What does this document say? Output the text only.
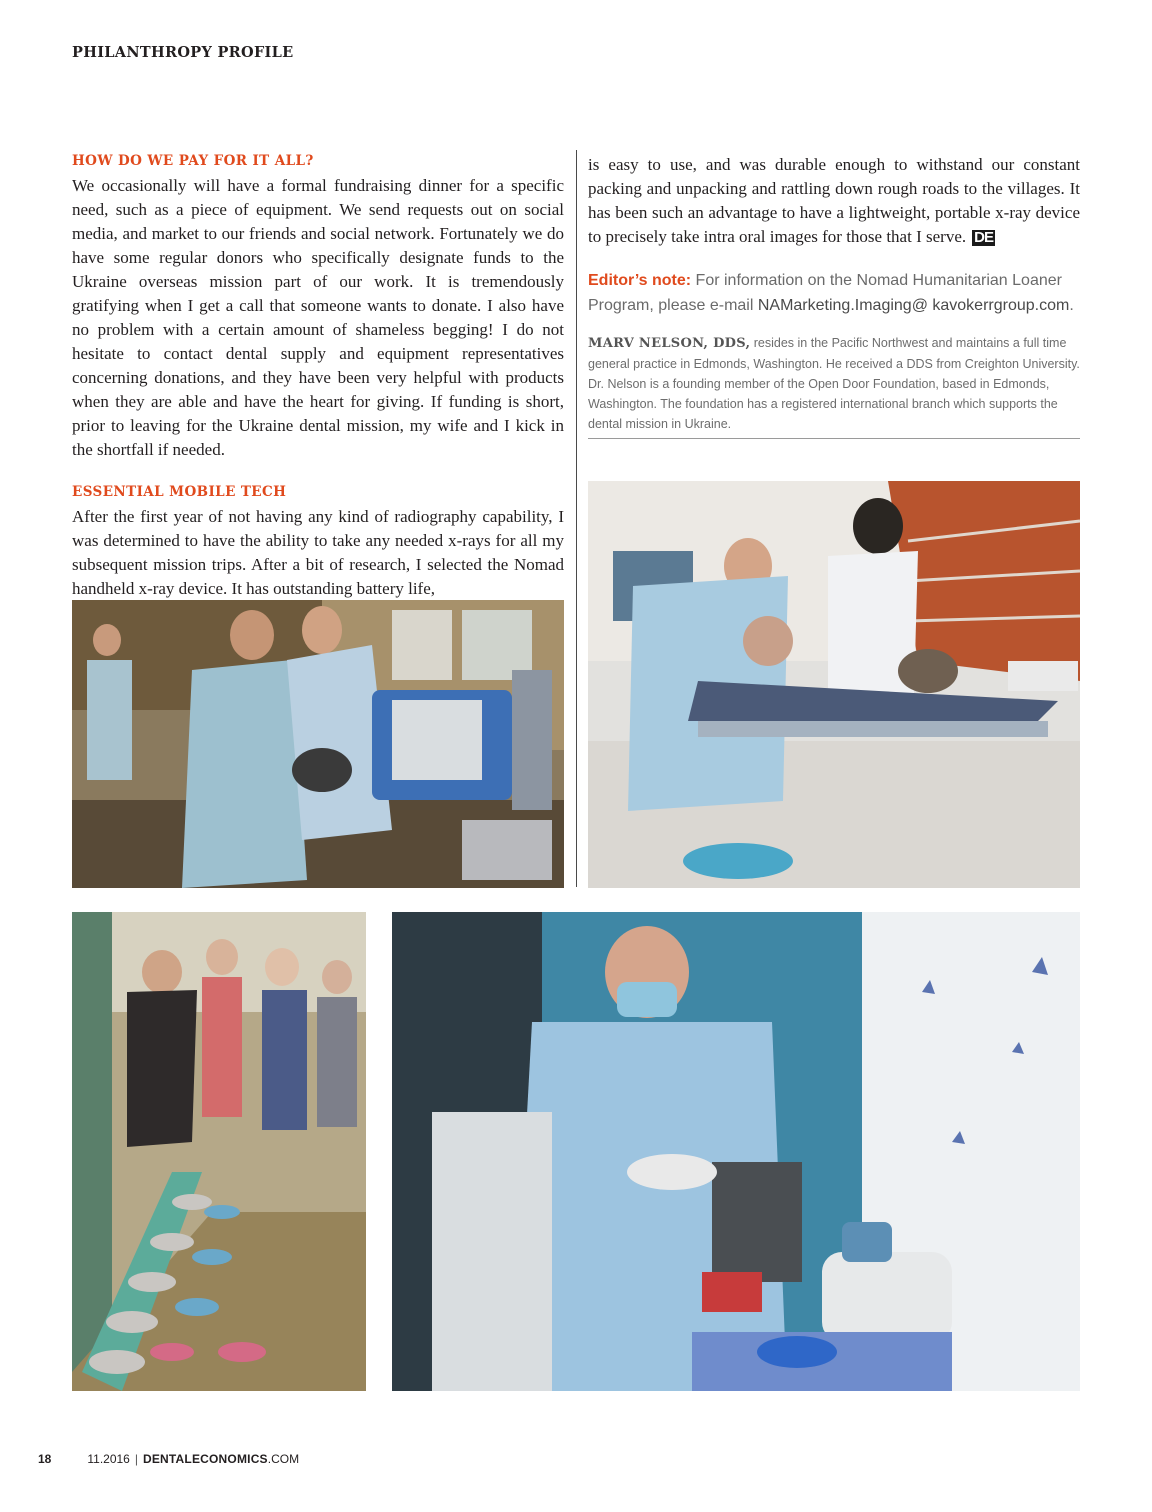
PHILANTHROPY PROFILE
HOW DO WE PAY FOR IT ALL?

We occasionally will have a formal fundraising dinner for a specific need, such as a piece of equipment. We send requests out on social media, and market to our friends and social network. Fortunately we do have some regular donors who specifically designate funds to the Ukraine overseas mission part of our work. It is tremendously gratifying when I get a call that someone wants to donate. I also have no problem with a certain amount of shameless begging! I do not hesitate to contact dental supply and equipment representatives concerning donations, and they have been very helpful with products when they are able and have the heart for giving. If funding is short, prior to leaving for the Ukraine dental mission, my wife and I kick in the shortfall if needed.

ESSENTIAL MOBILE TECH

After the first year of not having any kind of radiography capability, I was determined to have the ability to take any needed x-rays for all my subsequent mission trips. After a bit of research, I selected the Nomad handheld x-ray device. It has outstanding battery life,

is easy to use, and was durable enough to withstand our constant packing and unpacking and rattling down rough roads to the villages. It has been such an advantage to have a lightweight, portable x-ray device to precisely take intra oral images for those that I serve. DE

Editor’s note: For information on the Nomad Humanitarian Loaner Program, please e-mail NAMarketing.Imaging@ kavokerrgroup.com.
MARV NELSON, DDS, resides in the Pacific Northwest and maintains a full time general practice in Edmonds, Washington. He received a DDS from Creighton University. Dr. Nelson is a founding member of the Open Door Foundation, based in Edmonds, Washington. The foundation has a registered international branch which supports the dental mission in Ukraine.
18	11.2016 | DENTALECONOMICS.COM
